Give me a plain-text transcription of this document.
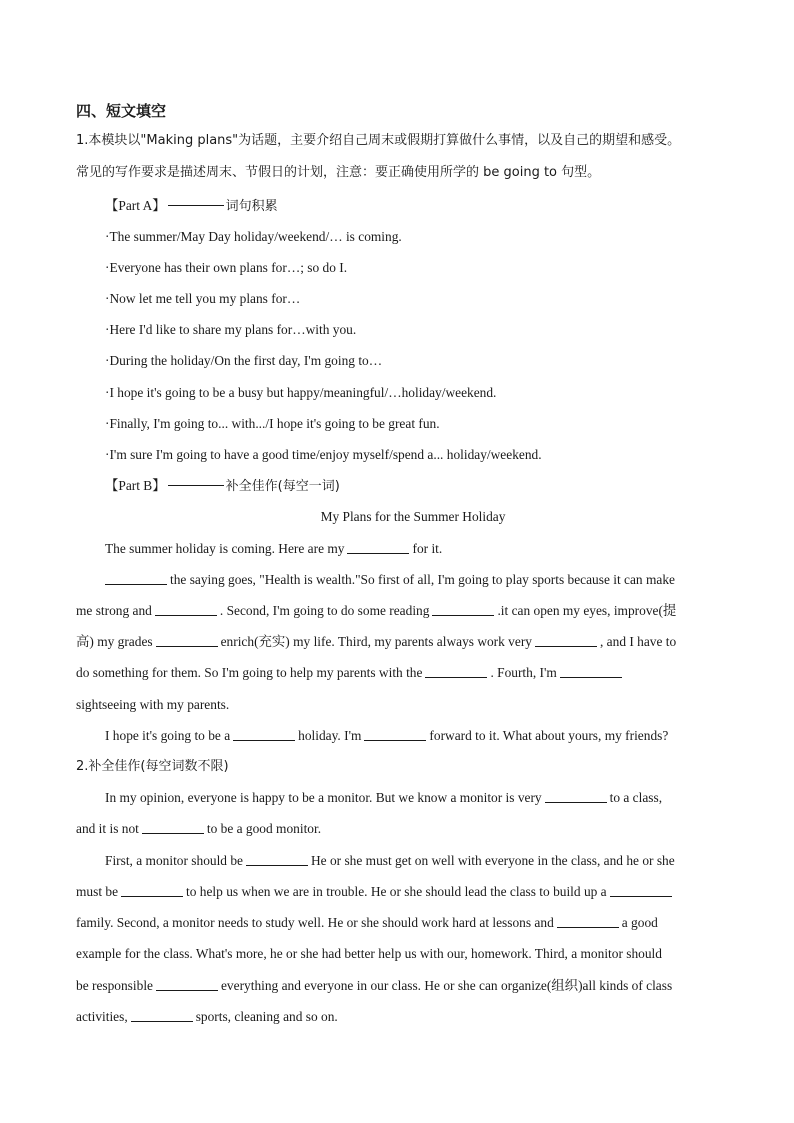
四、短文填空
1.本模块以"Making plans"为话题，主要介绍自己周末或假期打算做什么事情，以及自己的期望和感受。
常见的写作要求是描述周末、节假日的计划，注意：要正确使用所学的 be going to 句型。
【Part A】	词句积累
·The summer/May Day holiday/weekend/… is coming.
·Everyone has their own plans for…; so do I.
·Now let me tell you my plans for…
·Here I'd like to share my plans for…with you.
·During the holiday/On the first day, I'm going to…
·I hope it's going to be a busy but happy/meaningful/…holiday/weekend.
·Finally, I'm going to... with.../I hope it's going to be great fun.
·I'm sure I'm going to have a good time/enjoy myself/spend a... holiday/weekend.
【Part B】	补全佳作(每空一词)
My Plans for the Summer Holiday
The summer holiday is coming. Here are my	for it.
the saying goes, "Health is wealth."So first of all, I'm going to play sports because it can make
me strong and	. Second, I'm going to do some reading	.it can open my eyes, improve(提
高) my grades	enrich(充实) my life. Third, my parents always work very	, and I have to
do something for them. So I'm going to help my parents with the	. Fourth, I'm
sightseeing with my parents.
I hope it's going to be a	holiday. I'm	forward to it. What about yours, my friends?
2.补全佳作(每空词数不限)
In my opinion, everyone is happy to be a monitor. But we know a monitor is very	to a class,
and it is not	to be a good monitor.
First, a monitor should be	He or she must get on well with everyone in the class, and he or she
must be	to help us when we are in trouble. He or she should lead the class to build up a
family. Second, a monitor needs to study well. He or she should work hard at lessons and	a good
example for the class. What's more, he or she had better help us with our, homework. Third, a monitor should
be responsible	everything and everyone in our class. He or she can organize(组织)all kinds of class
activities,	sports, cleaning and so on.
